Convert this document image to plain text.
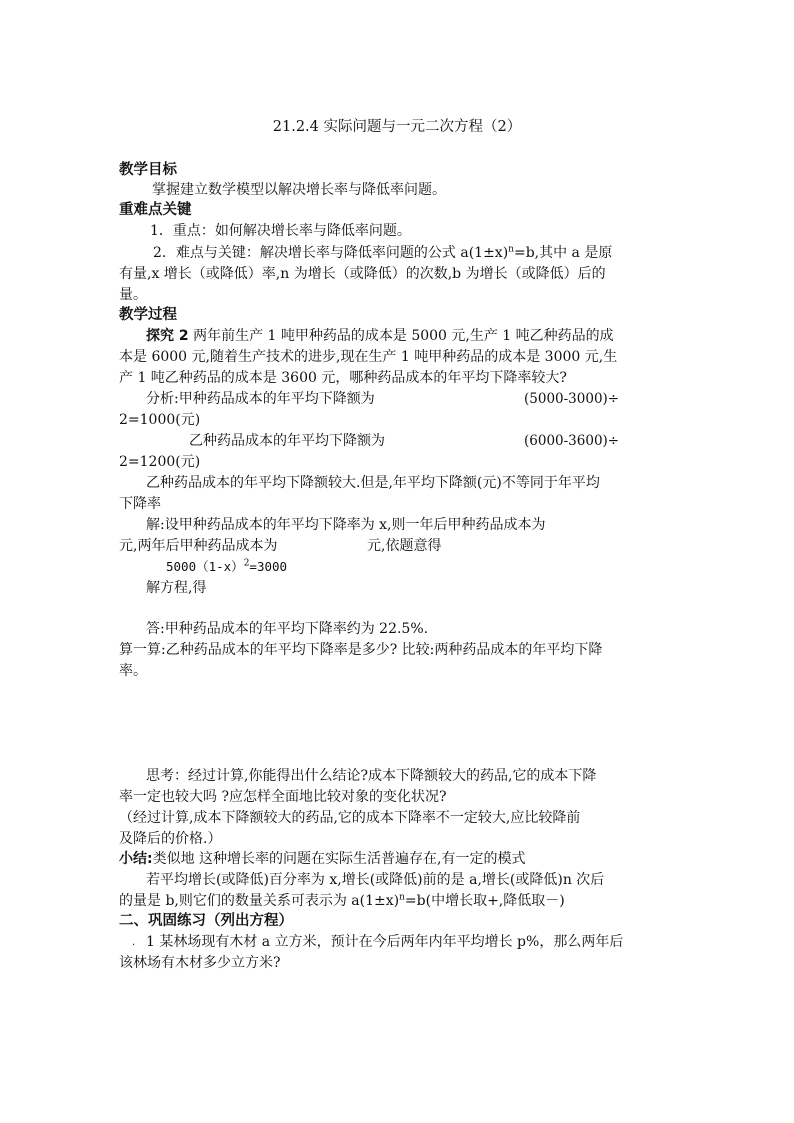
21.2.4 实际问题与一元二次方程（2）
教学目标
掌握建立数学模型以解决增长率与降低率问题。
重难点关键
1．重点：如何解决增长率与降低率问题。
2．难点与关键：解决增长率与降低率问题的公式 $a(1\pm x)^n=b$,其中 a 是原
有量,x 增长（或降低）率,n 为增长（或降低）的次数,b 为增长（或降低）后的
量。
教学过程
探究 2 两年前生产 1 吨甲种药品的成本是 5000 元,生产 1 吨乙种药品的成
本是 6000 元,随着生产技术的进步,现在生产 1 吨甲种药品的成本是 3000 元,生
产 1 吨乙种药品的成本是 3600 元，哪种药品成本的年平均下降率较大?
分析:甲种药品成本的年平均下降额为	(5000-3000)÷
2=1000(元)
乙种药品成本的年平均下降额为	(6000-3600)÷
2=1200(元)
乙种药品成本的年平均下降额较大.但是,年平均下降额(元)不等同于年平均
下降率
解:设甲种药品成本的年平均下降率为 x,则一年后甲种药品成本为
元,两年后甲种药品成本为	元,依题意得
$5000(1-x)^2=3000$
解方程,得
答:甲种药品成本的年平均下降率约为 22.5%.
算一算:乙种药品成本的年平均下降率是多少? 比较:两种药品成本的年平均下降
率。
思考：经过计算,你能得出什么结论?成本下降额较大的药品,它的成本下降
率一定也较大吗 ?应怎样全面地比较对象的变化状况?
（经过计算,成本下降额较大的药品,它的成本下降率不一定较大,应比较降前
及降后的价格.）
小结:类似地 这种增长率的问题在实际生活普遍存在,有一定的模式
若平均增长(或降低)百分率为 x,增长(或降低)前的是 a,增长(或降低)n 次后
的量是 b,则它们的数量关系可表示为 $a(1\pm x)^n=b$(中增长取+,降低取－)
二、巩固练习（列出方程）
. 1 某林场现有木材 a 立方米，预计在今后两年内年平均增长 p%，那么两年后
该林场有木材多少立方米?
